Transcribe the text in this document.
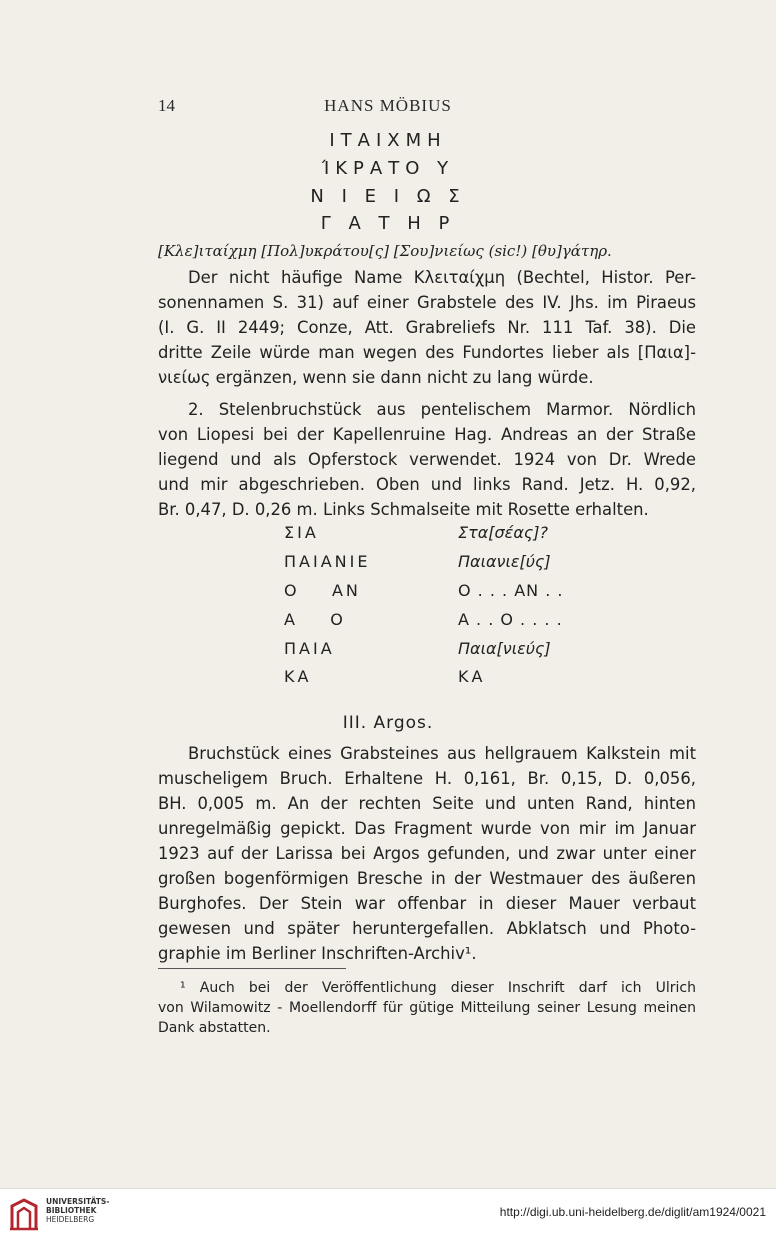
14	HANS MÖBIUS
ΙΤΑΙΧΜΗ
ΊΚΡΑΤΟ Υ
Ν Ι Ε Ι Ω Σ
Γ Α Τ Η Ρ
[Κλε]ιταίχμη [Πολ]υκράτου[ς] [Σου]νιείως (sic!) [θυ]γάτηρ.
Der nicht häufige Name Κλειταίχμη (Bechtel, Histor. Per-
sonennamen S. 31) auf einer Grabstele des IV. Jhs. im Piraeus
(I. G. II 2449; Conze, Att. Grabreliefs Nr. 111 Taf. 38). Die
dritte Zeile würde man wegen des Fundortes lieber als [Παια]-
νιείως ergänzen, wenn sie dann nicht zu lang würde.
2. Stelenbruchstück aus pentelischem Marmor. Nördlich
von Liopesi bei der Kapellenruine Hag. Andreas an der Straße
liegend und als Opferstock verwendet. 1924 von Dr. Wrede
und mir abgeschrieben. Oben und links Rand. Jetz. H. 0,92,
Br. 0,47, D. 0,26 m. Links Schmalseite mit Rosette erhalten.
ΣΙΑ	Στα[σέας]?
ΠΑΙΑΝΙΕ	Παιανιε[ύς]
Ο    ΑΝ	Ο . . . ΑΝ . .
Α    Ο	Α . . Ο . . . .
ΠΑΙΑ	Παια[νιεύς]
ΚΑ	ΚΑ
III. Argos.
Bruchstück eines Grabsteines aus hellgrauem Kalkstein mit
muscheligem Bruch. Erhaltene H. 0,161, Br. 0,15, D. 0,056,
BH. 0,005 m. An der rechten Seite und unten Rand, hinten
unregelmäßig gepickt. Das Fragment wurde von mir im Januar
1923 auf der Larissa bei Argos gefunden, und zwar unter einer
großen bogenförmigen Bresche in der Westmauer des äußeren
Burghofes. Der Stein war offenbar in dieser Mauer verbaut
gewesen und später heruntergefallen. Abklatsch und Photo-
graphie im Berliner Inschriften-Archiv¹.
¹ Auch bei der Veröffentlichung dieser Inschrift darf ich Ulrich
von Wilamowitz - Moellendorff für gütige Mitteilung seiner Lesung meinen
Dank abstatten.
UNIVERSITÄTS-
BIBLIOTHEK
HEIDELBERG
http://digi.ub.uni-heidelberg.de/diglit/am1924/0021
